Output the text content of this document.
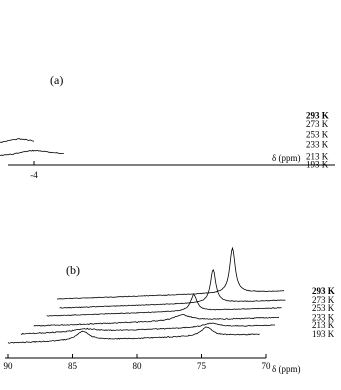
(a)
293 K
273 K
253 K
233 K
213 K
193 K
-4
δ (ppm)
(b)
293 K
273 K
253 K
233 K
213 K
193 K
90	85	80	75	70 δ (ppm)
